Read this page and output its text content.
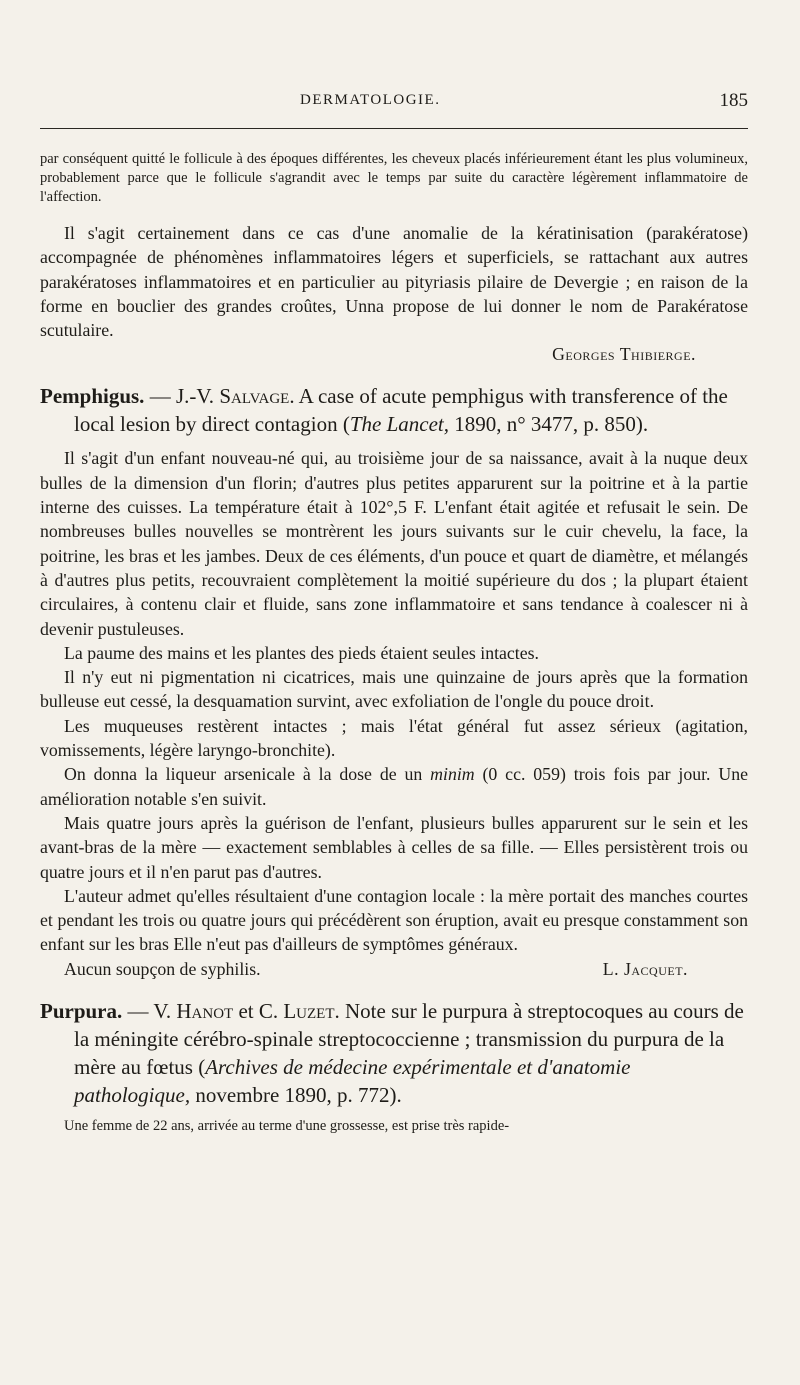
DERMATOLOGIE.	185

par conséquent quitté le follicule à des époques différentes, les cheveux placés inférieurement étant les plus volumineux, probablement parce que le follicule s'agrandit avec le temps par suite du caractère légèrement inflammatoire de l'affection.

Il s'agit certainement dans ce cas d'une anomalie de la kératinisation (parakératose) accompagnée de phénomènes inflammatoires légers et superficiels, se rattachant aux autres parakératoses inflammatoires et en particulier au pityriasis pilaire de Devergie ; en raison de la forme en bouclier des grandes croûtes, Unna propose de lui donner le nom de Parakératose scutulaire.

Georges Thibierge.

Pemphigus. — J.-V. Salvage. A case of acute pemphigus with transference of the local lesion by direct contagion (The Lancet, 1890, n° 3477, p. 850).

Il s'agit d'un enfant nouveau-né qui, au troisième jour de sa naissance, avait à la nuque deux bulles de la dimension d'un florin; d'autres plus petites apparurent sur la poitrine et à la partie interne des cuisses. La température était à 102°,5 F. L'enfant était agitée et refusait le sein. De nombreuses bulles nouvelles se montrèrent les jours suivants sur le cuir chevelu, la face, la poitrine, les bras et les jambes. Deux de ces éléments, d'un pouce et quart de diamètre, et mélangés à d'autres plus petits, recouvraient complètement la moitié supérieure du dos ; la plupart étaient circulaires, à contenu clair et fluide, sans zone inflammatoire et sans tendance à coalescer ni à devenir pustuleuses.

La paume des mains et les plantes des pieds étaient seules intactes.

Il n'y eut ni pigmentation ni cicatrices, mais une quinzaine de jours après que la formation bulleuse eut cessé, la desquamation survint, avec exfoliation de l'ongle du pouce droit.

Les muqueuses restèrent intactes ; mais l'état général fut assez sérieux (agitation, vomissements, légère laryngo-bronchite).

On donna la liqueur arsenicale à la dose de un minim (0 cc. 059) trois fois par jour. Une amélioration notable s'en suivit.

Mais quatre jours après la guérison de l'enfant, plusieurs bulles apparurent sur le sein et les avant-bras de la mère — exactement semblables à celles de sa fille. — Elles persistèrent trois ou quatre jours et il n'en parut pas d'autres.

L'auteur admet qu'elles résultaient d'une contagion locale : la mère portait des manches courtes et pendant les trois ou quatre jours qui précédèrent son éruption, avait eu presque constamment son enfant sur les bras Elle n'eut pas d'ailleurs de symptômes généraux.

Aucun soupçon de syphilis.	L. Jacquet.

Purpura. — V. Hanot et C. Luzet. Note sur le purpura à streptocoques au cours de la méningite cérébro-spinale streptococcienne ; transmission du purpura de la mère au fœtus (Archives de médecine expérimentale et d'anatomie pathologique, novembre 1890, p. 772).

Une femme de 22 ans, arrivée au terme d'une grossesse, est prise très rapide-
